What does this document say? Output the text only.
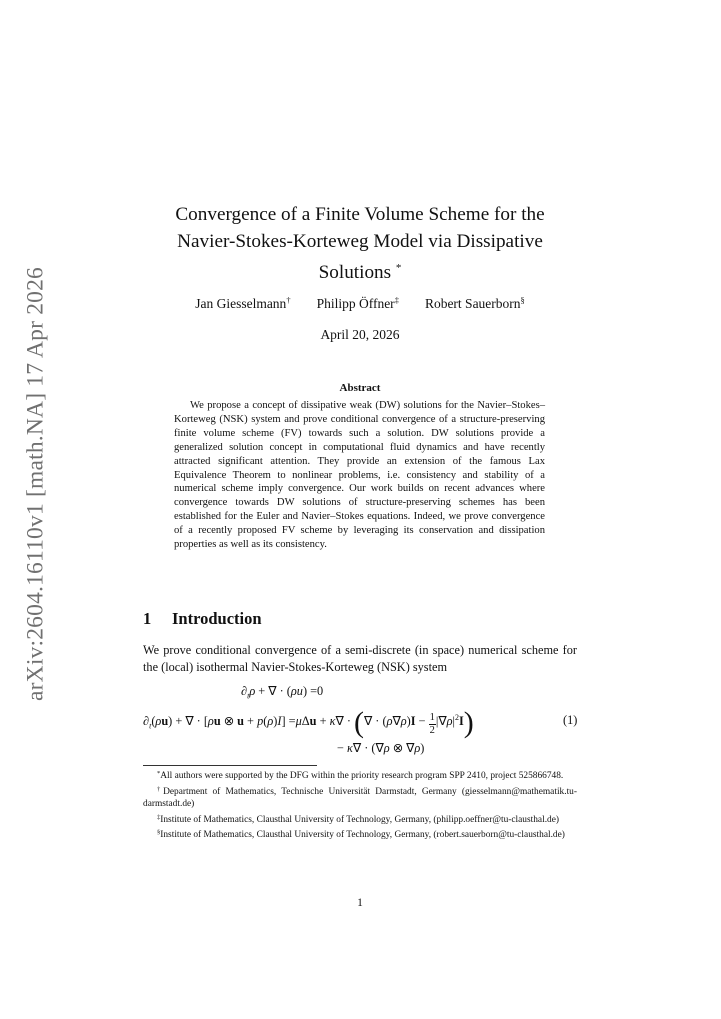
arXiv:2604.16110v1 [math.NA] 17 Apr 2026
Convergence of a Finite Volume Scheme for the
Navier-Stokes-Korteweg Model via Dissipative
Solutions *
Jan Giesselmann† Philipp Öffner‡ Robert Sauerborn§
April 20, 2026
Abstract
We propose a concept of dissipative weak (DW) solutions for the Navier–Stokes–Korteweg (NSK) system and prove conditional convergence of a structure-preserving finite volume scheme (FV) towards such a solution. DW solutions provide a generalized solution concept in computational fluid dynamics and have recently attracted significant attention. They provide an extension of the famous Lax Equivalence Theorem to nonlinear problems, i.e. consistency and stability of a numerical scheme imply convergence. Our work builds on recent advances where convergence towards DW solutions of structure-preserving schemes has been established for the Euler and Navier–Stokes equations. Indeed, we prove convergence of a recently proposed FV scheme by leveraging its conservation and dissipation properties as well as its consistency.
1 Introduction
We prove conditional convergence of a semi-discrete (in space) numerical scheme for the (local) isothermal Navier-Stokes-Korteweg (NSK) system
$\partial_t\rho$ + ∇ · (ρu) =0
$\partial_t(\rho u)$ + ∇ · [ρu ⊗ u + p(ρ)I] =μΔu + κ∇ · (∇ · $(\rho\nabla\rho)I - \frac{1}{2} |\nabla\rho|^2I$)	(1)
− κ∇ · (∇ρ ⊗ ∇ρ)
*All authors were supported by the DFG within the priority research program SPP 2410, project 525866748.
†Department of Mathematics, Technische Universität Darmstadt, Germany (giesselmann@mathematik.tu-darmstadt.de)
‡Institute of Mathematics, Clausthal University of Technology, Germany, (philipp.oeffner@tu-clausthal.de)
§Institute of Mathematics, Clausthal University of Technology, Germany, (robert.sauerborn@tu-clausthal.de)
1
